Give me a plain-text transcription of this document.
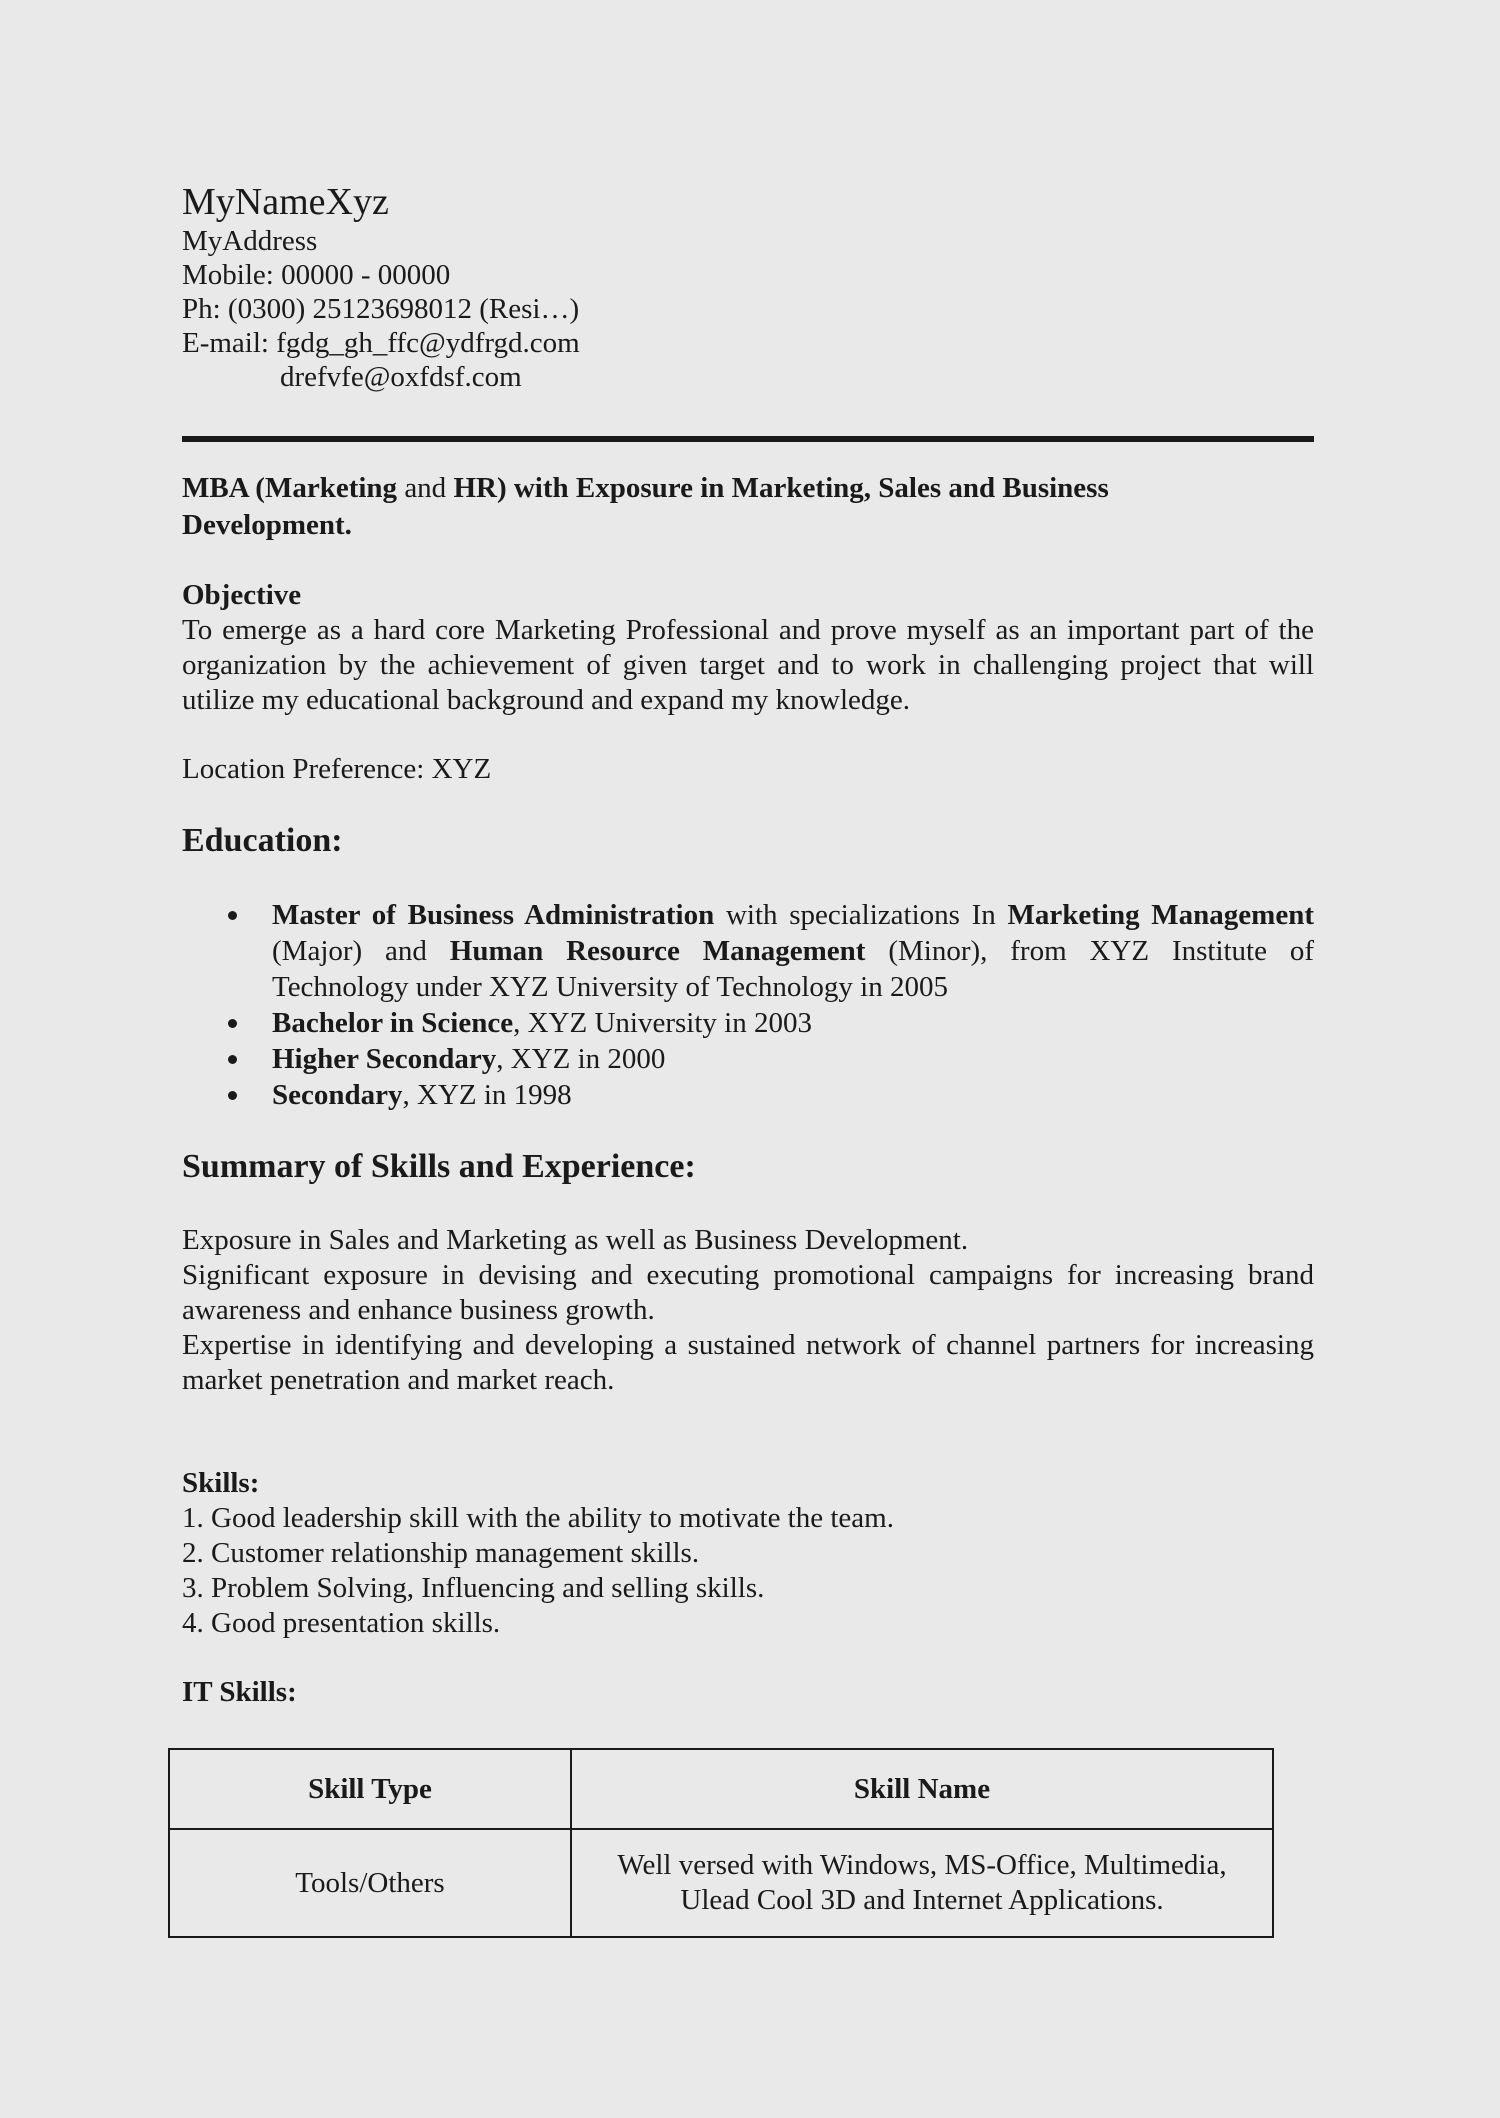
MyNameXyz
MyAddress
Mobile: 00000 - 00000
Ph: (0300) 25123698012 (Resi…)
E-mail: fgdg_gh_ffc@ydfrgd.com
drefvfe@oxfdsf.com
MBA (Marketing and HR) with Exposure in Marketing, Sales and Business Development.
Objective
To emerge as a hard core Marketing Professional and prove myself as an important part of the organization by the achievement of given target and to work in challenging project that will utilize my educational background and expand my knowledge.
Location Preference: XYZ
Education:
Master of Business Administration with specializations In Marketing Management (Major) and Human Resource Management (Minor), from XYZ Institute of Technology under XYZ University of Technology in 2005
Bachelor in Science, XYZ University in 2003
Higher Secondary, XYZ in 2000
Secondary, XYZ in 1998
Summary of Skills and Experience:
Exposure in Sales and Marketing as well as Business Development.
Significant exposure in devising and executing promotional campaigns for increasing brand awareness and enhance business growth.
Expertise in identifying and developing a sustained network of channel partners for increasing market penetration and market reach.
Skills:
1. Good leadership skill with the ability to motivate the team.
2. Customer relationship management skills.
3. Problem Solving, Influencing and selling skills.
4. Good presentation skills.
IT Skills:
Skill Type	Skill Name
Tools/Others	Well versed with Windows, MS-Office, Multimedia, Ulead Cool 3D and Internet Applications.
